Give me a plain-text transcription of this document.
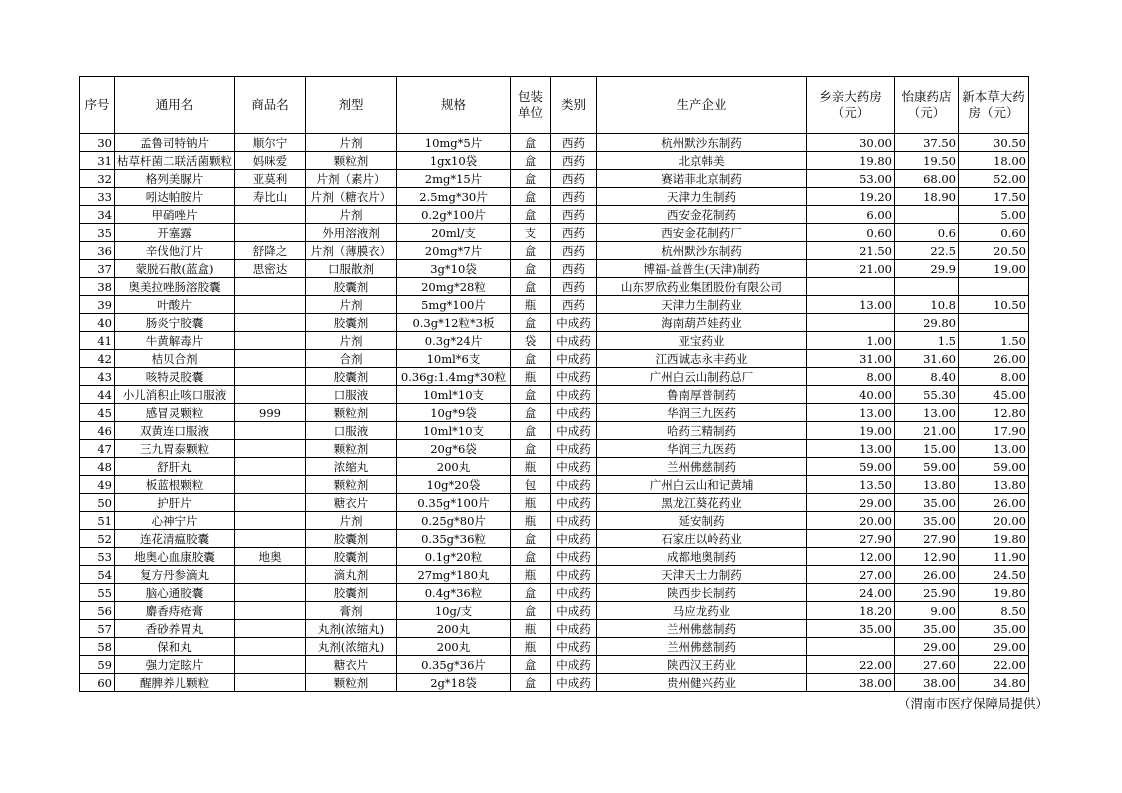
序号	通用名	商品名	剂型	规格	包装单位	类别	生产企业	乡亲大药房（元）	怡康药店（元）	新本草大药房（元）
30	孟鲁司特钠片	顺尔宁	片剂	10mg*5片	盒	西药	杭州默沙东制药	30.00	37.50	30.50
31	枯草杆菌二联活菌颗粒	妈咪爱	颗粒剂	1gx10袋	盒	西药	北京韩美	19.80	19.50	18.00
32	格列美脲片	亚莫利	片剂（素片）	2mg*15片	盒	西药	赛诺菲北京制药	53.00	68.00	52.00
33	吲达帕胺片	寿比山	片剂（糖衣片）	2.5mg*30片	盒	西药	天津力生制药	19.20	18.90	17.50
34	甲硝唑片		片剂	0.2g*100片	盒	西药	西安金花制药	6.00		5.00
35	开塞露		外用溶液剂	20ml/支	支	西药	西安金花制药厂	0.60	0.6	0.60
36	辛伐他汀片	舒降之	片剂（薄膜衣）	20mg*7片	盒	西药	杭州默沙东制药	21.50	22.5	20.50
37	蒙脱石散(蓝盒)	思密达	口服散剂	3g*10袋	盒	西药	博福-益普生(天津)制药	21.00	29.9	19.00
38	奥美拉唑肠溶胶囊		胶囊剂	20mg*28粒	盒	西药	山东罗欣药业集团股份有限公司			
39	叶酸片		片剂	5mg*100片	瓶	西药	天津力生制药业	13.00	10.8	10.50
40	肠炎宁胶囊		胶囊剂	0.3g*12粒*3板	盒	中成药	海南葫芦娃药业		29.80	
41	牛黄解毒片		片剂	0.3g*24片	袋	中成药	亚宝药业	1.00	1.5	1.50
42	桔贝合剂		合剂	10ml*6支	盒	中成药	江西诚志永丰药业	31.00	31.60	26.00
43	咳特灵胶囊		胶囊剂	0.36g:1.4mg*30粒	瓶	中成药	广州白云山制药总厂	8.00	8.40	8.00
44	小儿消积止咳口服液		口服液	10ml*10支	盒	中成药	鲁南厚普制药	40.00	55.30	45.00
45	感冒灵颗粒	999	颗粒剂	10g*9袋	盒	中成药	华润三九医药	13.00	13.00	12.80
46	双黄连口服液		口服液	10ml*10支	盒	中成药	哈药三精制药	19.00	21.00	17.90
47	三九胃泰颗粒		颗粒剂	20g*6袋	盒	中成药	华润三九医药	13.00	15.00	13.00
48	舒肝丸		浓缩丸	200丸	瓶	中成药	兰州佛慈制药	59.00	59.00	59.00
49	板蓝根颗粒		颗粒剂	10g*20袋	包	中成药	广州白云山和记黄埔	13.50	13.80	13.80
50	护肝片		糖衣片	0.35g*100片	瓶	中成药	黑龙江葵花药业	29.00	35.00	26.00
51	心神宁片		片剂	0.25g*80片	瓶	中成药	延安制药	20.00	35.00	20.00
52	连花清瘟胶囊		胶囊剂	0.35g*36粒	盒	中成药	石家庄以岭药业	27.90	27.90	19.80
53	地奥心血康胶囊	地奥	胶囊剂	0.1g*20粒	盒	中成药	成都地奥制药	12.00	12.90	11.90
54	复方丹参滴丸		滴丸剂	27mg*180丸	瓶	中成药	天津天士力制药	27.00	26.00	24.50
55	脑心通胶囊		胶囊剂	0.4g*36粒	盒	中成药	陕西步长制药	24.00	25.90	19.80
56	麝香痔疮膏		膏剂	10g/支	盒	中成药	马应龙药业	18.20	9.00	8.50
57	香砂养胃丸		丸剂(浓缩丸)	200丸	瓶	中成药	兰州佛慈制药	35.00	35.00	35.00
58	保和丸		丸剂(浓缩丸)	200丸	瓶	中成药	兰州佛慈制药		29.00	29.00
59	强力定眩片		糖衣片	0.35g*36片	盒	中成药	陕西汉王药业	22.00	27.60	22.00
60	醒脾养儿颗粒		颗粒剂	2g*18袋	盒	中成药	贵州健兴药业	38.00	38.00	34.80
（渭南市医疗保障局提供）
